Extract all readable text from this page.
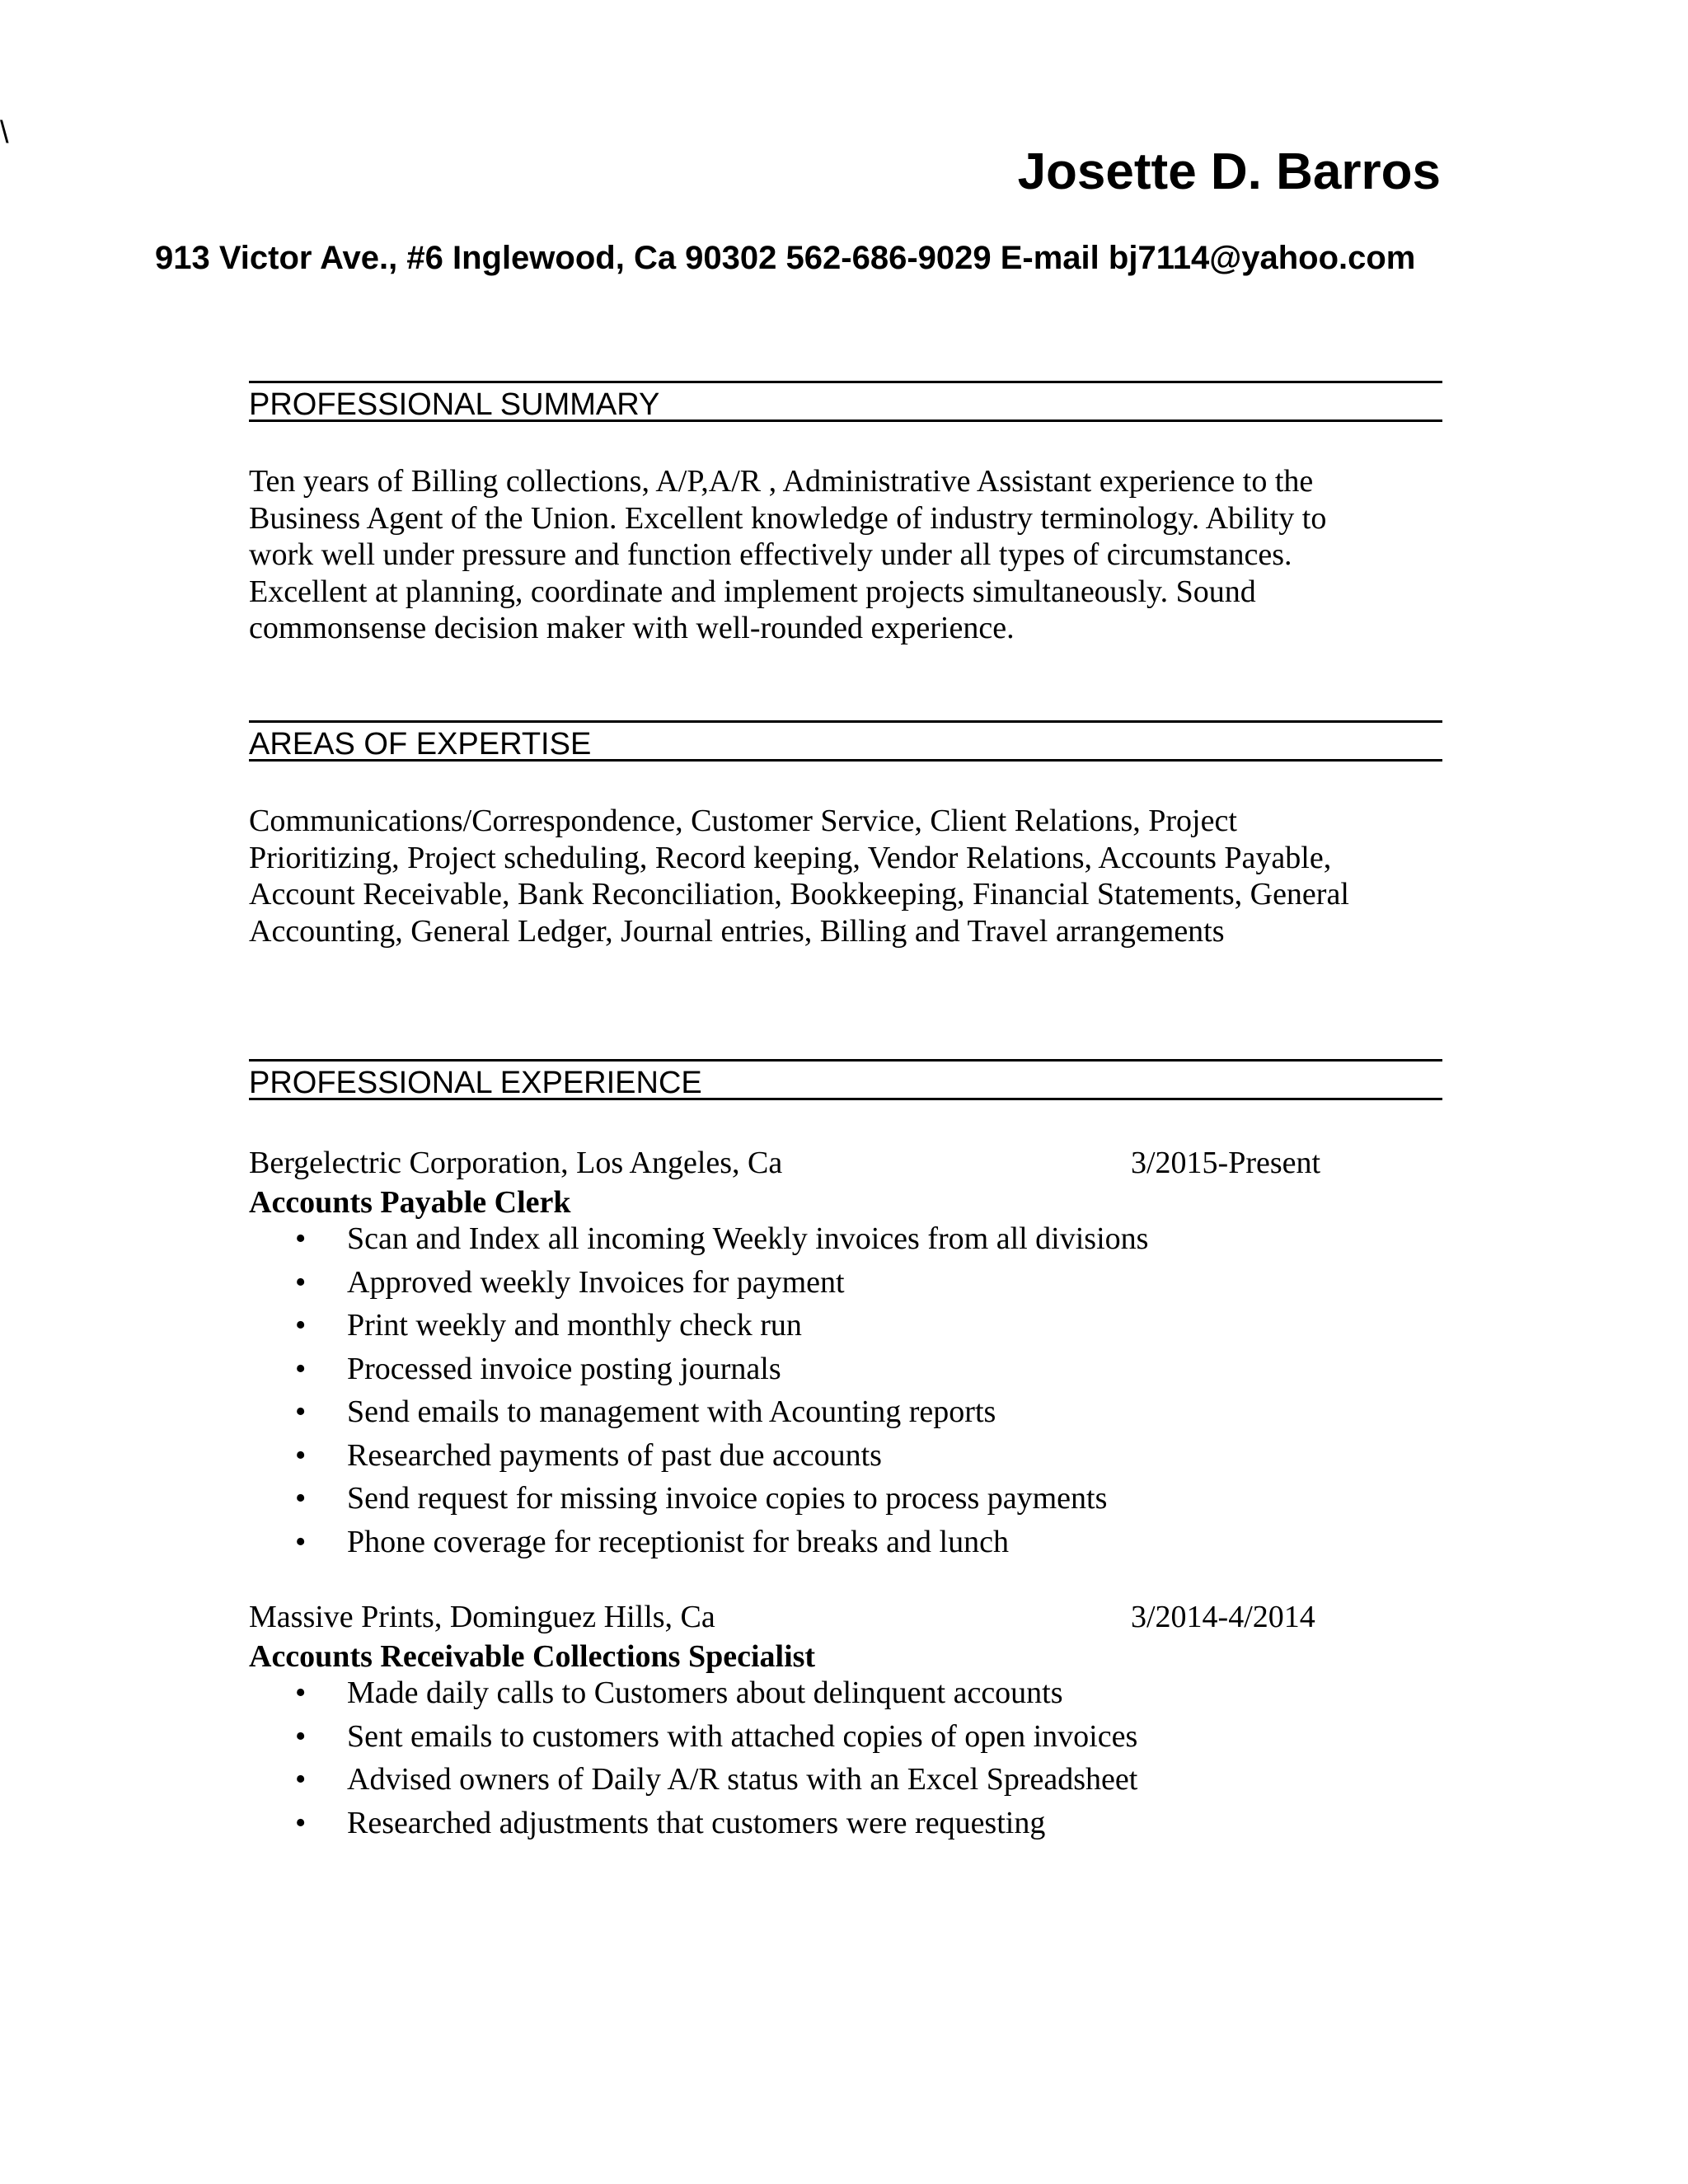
\
Josette D. Barros
913 Victor Ave., #6 Inglewood, Ca 90302 562-686-9029 E-mail bj7114@yahoo.com
PROFESSIONAL SUMMARY
Ten years of Billing collections, A/P,A/R , Administrative Assistant experience to the
Business Agent of the Union. Excellent knowledge of industry terminology. Ability to
work well under pressure and function effectively under all types of circumstances.
Excellent at planning, coordinate and implement projects simultaneously. Sound
commonsense decision maker with well-rounded experience.
AREAS OF EXPERTISE
Communications/Correspondence, Customer Service, Client Relations, Project
Prioritizing, Project scheduling, Record keeping, Vendor Relations, Accounts Payable,
Account Receivable, Bank Reconciliation, Bookkeeping, Financial Statements, General
Accounting, General Ledger, Journal entries, Billing and Travel arrangements
PROFESSIONAL EXPERIENCE
Bergelectric Corporation, Los Angeles, Ca	3/2015-Present
Accounts Payable Clerk
• Scan and Index all incoming Weekly invoices from all divisions
• Approved weekly Invoices for payment
• Print weekly and monthly check run
• Processed invoice posting journals
• Send emails to management with Acounting reports
• Researched payments of past due accounts
• Send request for missing invoice copies to process payments
• Phone coverage for receptionist for breaks and lunch
Massive Prints, Dominguez Hills, Ca	3/2014-4/2014
Accounts Receivable Collections Specialist
• Made daily calls to Customers about delinquent accounts
• Sent emails to customers with attached copies of open invoices
• Advised owners of Daily A/R status with an Excel Spreadsheet
• Researched adjustments that customers were requesting
